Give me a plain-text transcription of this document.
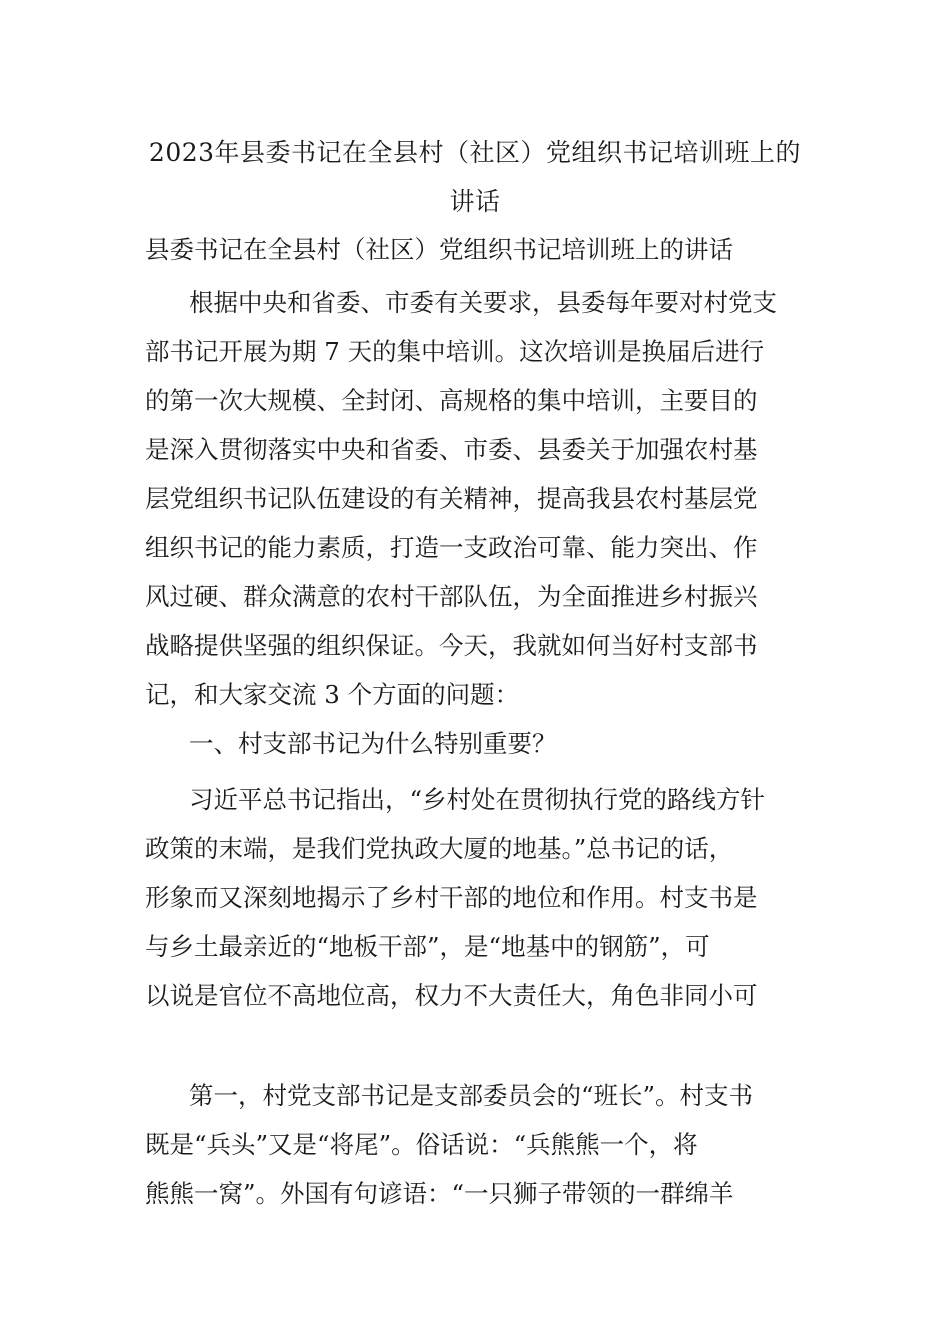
2023年县委书记在全县村（社区）党组织书记培训班上的
讲话

县委书记在全县村（社区）党组织书记培训班上的讲话

根据中央和省委、市委有关要求，县委每年要对村党支
部书记开展为期 7 天的集中培训。这次培训是换届后进行
的第一次大规模、全封闭、高规格的集中培训，主要目的
是深入贯彻落实中央和省委、市委、县委关于加强农村基
层党组织书记队伍建设的有关精神，提高我县农村基层党
组织书记的能力素质，打造一支政治可靠、能力突出、作
风过硬、群众满意的农村干部队伍，为全面推进乡村振兴
战略提供坚强的组织保证。今天，我就如何当好村支部书
记，和大家交流 3 个方面的问题：
一、村支部书记为什么特别重要？
习近平总书记指出，“乡村处在贯彻执行党的路线方针
政策的末端，是我们党执政大厦的地基。”总书记的话，
形象而又深刻地揭示了乡村干部的地位和作用。村支书是
与乡土最亲近的“地板干部”，是“地基中的钢筋”，可
以说是官位不高地位高，权力不大责任大，角色非同小可
第一，村党支部书记是支部委员会的“班长”。村支书
既是“兵头”又是“将尾”。俗话说：“兵熊熊一个，将
熊熊一窝”。外国有句谚语：“一只狮子带领的一群绵羊
